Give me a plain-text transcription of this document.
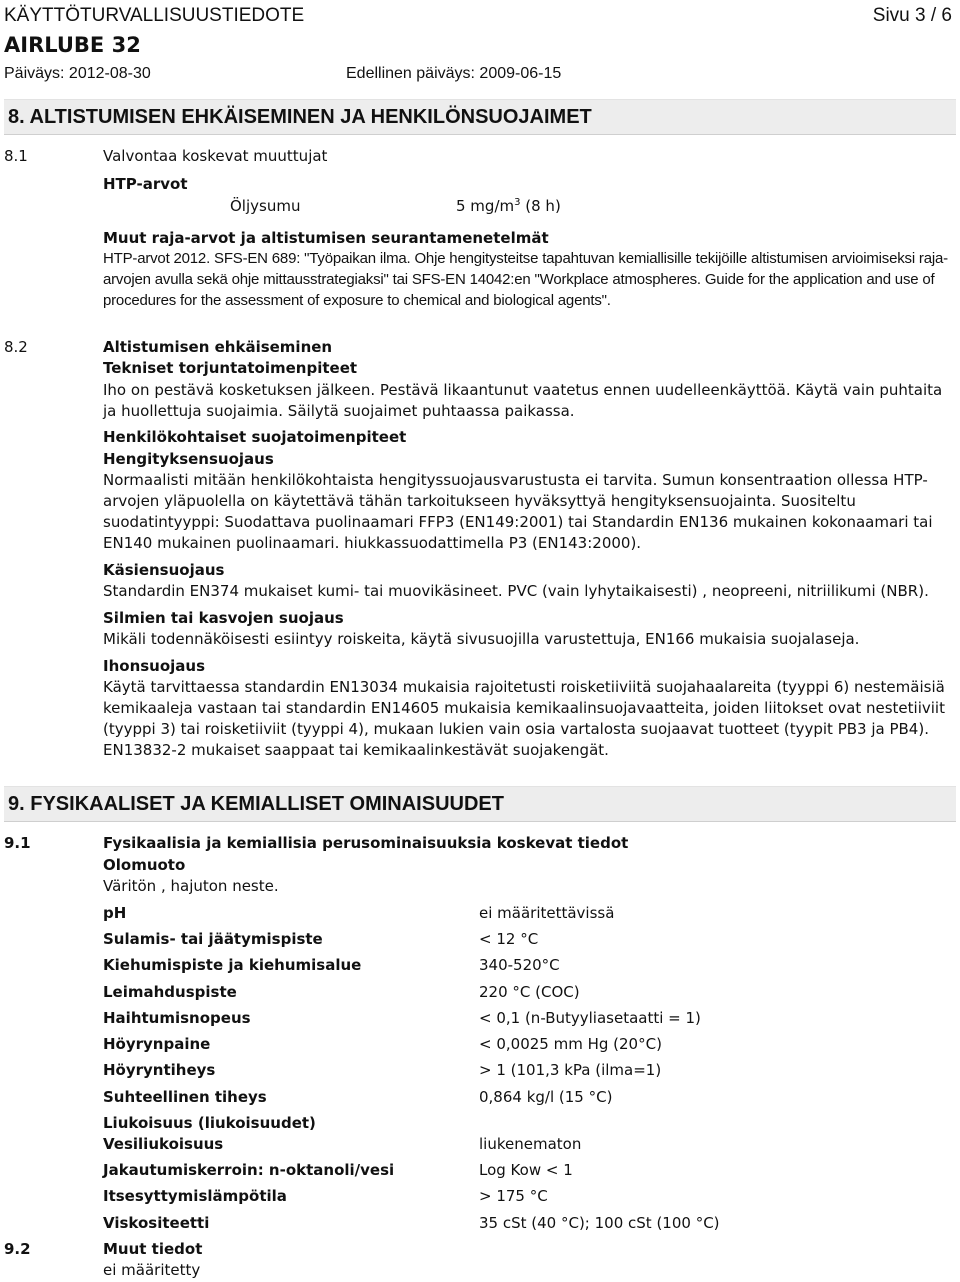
KÄYTTÖTURVALLISUUSTIEDOTE	Sivu 3 / 6
AIRLUBE 32
Päiväys: 2012-08-30	Edellinen päiväys: 2009-06-15
8. ALTISTUMISEN EHKÄISEMINEN JA HENKILÖNSUOJAIMET
8.1	Valvontaa koskevat muuttujat
HTP-arvot
Öljysumu	5 $mg/m^3$ (8 h)
Muut raja-arvot ja altistumisen seurantamenetelmät
HTP-arvot 2012. SFS-EN 689: "Työpaikan ilma. Ohje hengitysteitse tapahtuvan kemiallisille tekijöille altistumisen arvioimiseksi raja-arvojen avulla sekä ohje mittausstrategiaksi" tai SFS-EN 14042:en "Workplace atmospheres. Guide for the application and use of procedures for the assessment of exposure to chemical and biological agents".
8.2	Altistumisen ehkäiseminen
Tekniset torjuntatoimenpiteet
Iho on pestävä kosketuksen jälkeen. Pestävä likaantunut vaatetus ennen uudelleenkäyttöä. Käytä vain puhtaita ja huollettuja suojaimia. Säilytä suojaimet puhtaassa paikassa.
Henkilökohtaiset suojatoimenpiteet
Hengityksensuojaus
Normaalisti mitään henkilökohtaista hengityssuojausvarustusta ei tarvita. Sumun konsentraation ollessa HTP-arvojen yläpuolella on käytettävä tähän tarkoitukseen hyväksyttyä hengityksensuojainta. Suositeltu suodatintyyppi: Suodattava puolinaamari FFP3 (EN149:2001) tai Standardin EN136 mukainen kokonaamari tai EN140 mukainen puolinaamari. hiukkassuodattimella P3 (EN143:2000).
Käsiensuojaus
Standardin EN374 mukaiset kumi- tai muovikäsineet. PVC (vain lyhytaikaisesti) , neopreeni, nitriilikumi (NBR).
Silmien tai kasvojen suojaus
Mikäli todennäköisesti esiintyy roiskeita, käytä sivusuojilla varustettuja, EN166 mukaisia suojalaseja.
Ihonsuojaus
Käytä tarvittaessa standardin EN13034 mukaisia rajoitetusti roisketiiviitä suojahaalareita (tyyppi 6) nestemäisiä kemikaaleja vastaan tai standardin EN14605 mukaisia kemikaalinsuojavaatteita, joiden liitokset ovat nestetiiviit (tyyppi 3) tai roisketiiviit (tyyppi 4), mukaan lukien vain osia vartalosta suojaavat tuotteet (tyypit PB3 ja PB4). EN13832-2 mukaiset saappaat tai kemikaalinkestävät suojakengät.
9. FYSIKAALISET JA KEMIALLISET OMINAISUUDET
9.1	Fysikaalisia ja kemiallisia perusominaisuuksia koskevat tiedot
Olomuoto
Väritön , hajuton neste.
pH	ei määritettävissä
Sulamis- tai jäätymispiste	< 12 °C
Kiehumispiste ja kiehumisalue	340-520°C
Leimahduspiste	220 °C (COC)
Haihtumisnopeus	< 0,1 (n-Butyyliasetaatti = 1)
Höyrynpaine	< 0,0025 mm Hg (20°C)
Höyryntiheys	> 1 (101,3 kPa (ilma=1)
Suhteellinen tiheys	0,864 kg/l (15 °C)
Liukoisuus (liukoisuudet)
Vesiliukoisuus	liukenematon
Jakautumiskerroin: n-oktanoli/vesi	Log Kow < 1
Itsesyttymislämpötila	> 175 °C
Viskositeetti	35 cSt (40 °C); 100 cSt (100 °C)
9.2	Muut tiedot
ei määritetty
